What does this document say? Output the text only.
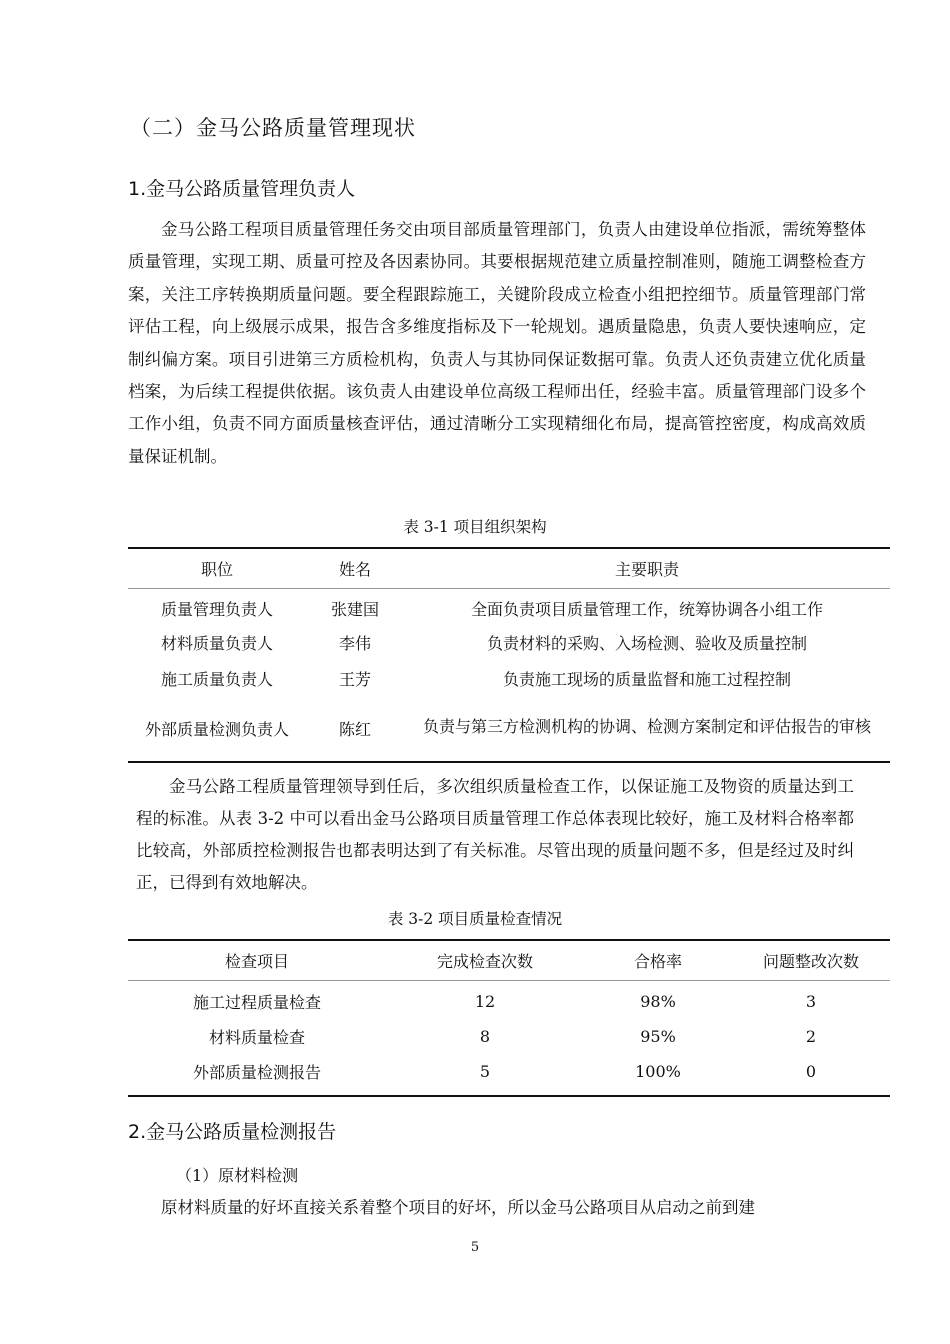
（二）金马公路质量管理现状
1.金马公路质量管理负责人

金马公路工程项目质量管理任务交由项目部质量管理部门，负责人由建设单位指派，需统筹整体质量管理，实现工期、质量可控及各因素协同。其要根据规范建立质量控制准则，随施工调整检查方案，关注工序转换期质量问题。要全程跟踪施工，关键阶段成立检查小组把控细节。质量管理部门常评估工程，向上级展示成果，报告含多维度指标及下一轮规划。遇质量隐患，负责人要快速响应，定制纠偏方案。项目引进第三方质检机构，负责人与其协同保证数据可靠。负责人还负责建立优化质量档案，为后续工程提供依据。该负责人由建设单位高级工程师出任，经验丰富。质量管理部门设多个工作小组，负责不同方面质量核查评估，通过清晰分工实现精细化布局，提高管控密度，构成高效质量保证机制。

表 3-1 项目组织架构

职位	姓名	主要职责
质量管理负责人	张建国	全面负责项目质量管理工作，统筹协调各小组工作
材料质量负责人	李伟	负责材料的采购、入场检测、验收及质量控制
施工质量负责人	王芳	负责施工现场的质量监督和施工过程控制
外部质量检测负责人	陈红	负责与第三方检测机构的协调、检测方案制定和评估报告的审核

金马公路工程质量管理领导到任后，多次组织质量检查工作，以保证施工及物资的质量达到工程的标准。从表 3-2 中可以看出金马公路项目质量管理工作总体表现比较好，施工及材料合格率都比较高，外部质控检测报告也都表明达到了有关标准。尽管出现的质量问题不多，但是经过及时纠正，已得到有效地解决。

表 3-2 项目质量检查情况

检查项目	完成检查次数	合格率	问题整改次数
施工过程质量检查	12	98%	3
材料质量检查	8	95%	2
外部质量检测报告	5	100%	0
2.金马公路质量检测报告

（1）原材料检测

原材料质量的好坏直接关系着整个项目的好坏，所以金马公路项目从启动之前到建

5
